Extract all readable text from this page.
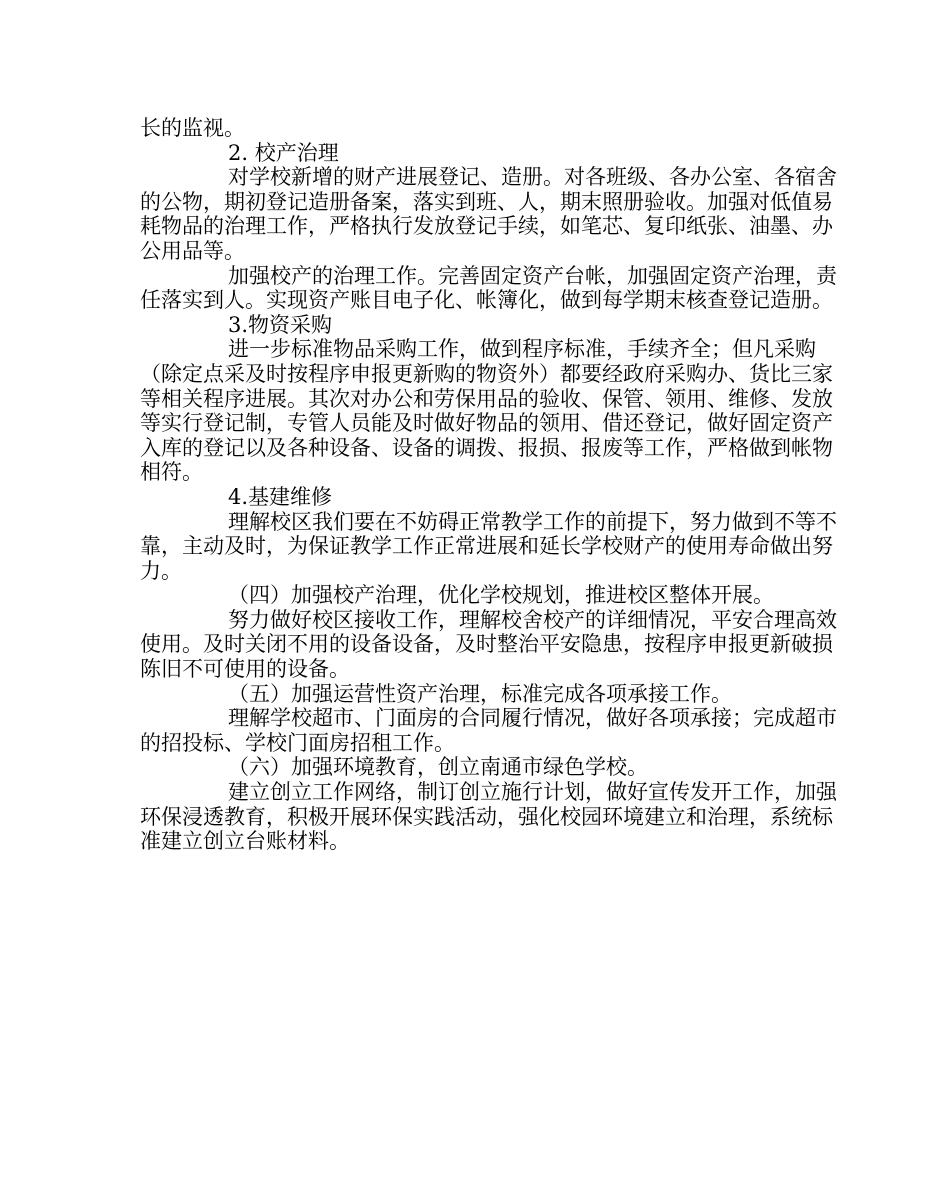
长的监视。

2. 校产治理

对学校新增的财产进展登记、造册。对各班级、各办公室、各宿舍的公物，期初登记造册备案，落实到班、人，期末照册验收。加强对低值易耗物品的治理工作，严格执行发放登记手续，如笔芯、复印纸张、油墨、办公用品等。

加强校产的治理工作。完善固定资产台帐，加强固定资产治理，责任落实到人。实现资产账目电子化、帐簿化，做到每学期末核查登记造册。

3.物资采购

进一步标准物品采购工作，做到程序标准，手续齐全；但凡采购（除定点采及时按程序申报更新购的物资外）都要经政府采购办、货比三家等相关程序进展。其次对办公和劳保用品的验收、保管、领用、维修、发放等实行登记制，专管人员能及时做好物品的领用、借还登记，做好固定资产入库的登记以及各种设备、设备的调拨、报损、报废等工作，严格做到帐物相符。

4.基建维修

理解校区我们要在不妨碍正常教学工作的前提下，努力做到不等不靠，主动及时，为保证教学工作正常进展和延长学校财产的使用寿命做出努力。

（四）加强校产治理，优化学校规划，推进校区整体开展。

努力做好校区接收工作，理解校舍校产的详细情况，平安合理高效使用。及时关闭不用的设备设备，及时整治平安隐患，按程序申报更新破损陈旧不可使用的设备。

（五）加强运营性资产治理，标准完成各项承接工作。

理解学校超市、门面房的合同履行情况，做好各项承接；完成超市的招投标、学校门面房招租工作。

（六）加强环境教育，创立南通市绿色学校。

建立创立工作网络，制订创立施行计划，做好宣传发开工作，加强环保浸透教育，积极开展环保实践活动，强化校园环境建立和治理，系统标准建立创立台账材料。
